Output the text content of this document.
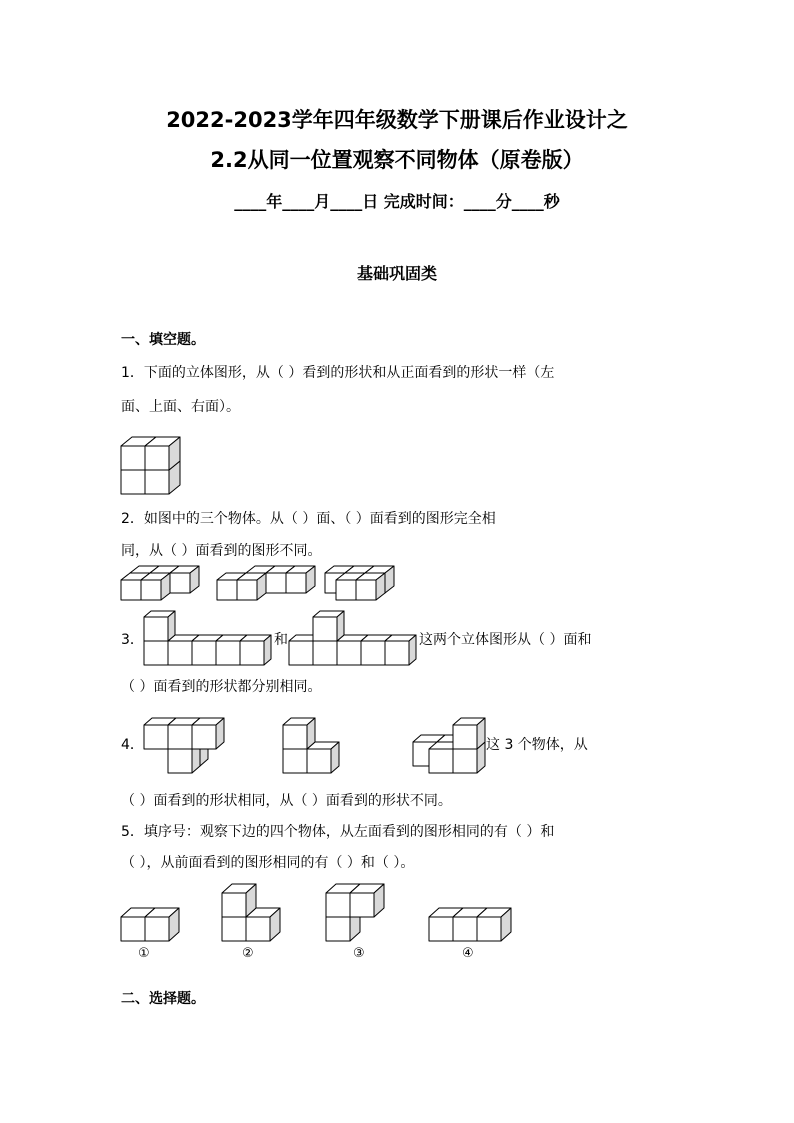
2022-2023学年四年级数学下册课后作业设计之
2.2从同一位置观察不同物体（原卷版）
____年____月____日 完成时间：____分____秒
基础巩固类
一、填空题。
1．下面的立体图形，从（ ）看到的形状和从正面看到的形状一样（左
面、上面、右面）。
2．如图中的三个物体。从（ ）面、（ ）面看到的图形完全相
同，从（ ）面看到的图形不同。
3．	和	这两个立体图形从（ ）面和
（ ）面看到的形状都分别相同。
4．	这 3 个物体，从
（ ）面看到的形状相同，从（ ）面看到的形状不同。
5．填序号：观察下边的四个物体，从左面看到的图形相同的有（ ）和
（ ），从前面看到的图形相同的有（ ）和（ ）。
①	②	③	④
二、选择题。
